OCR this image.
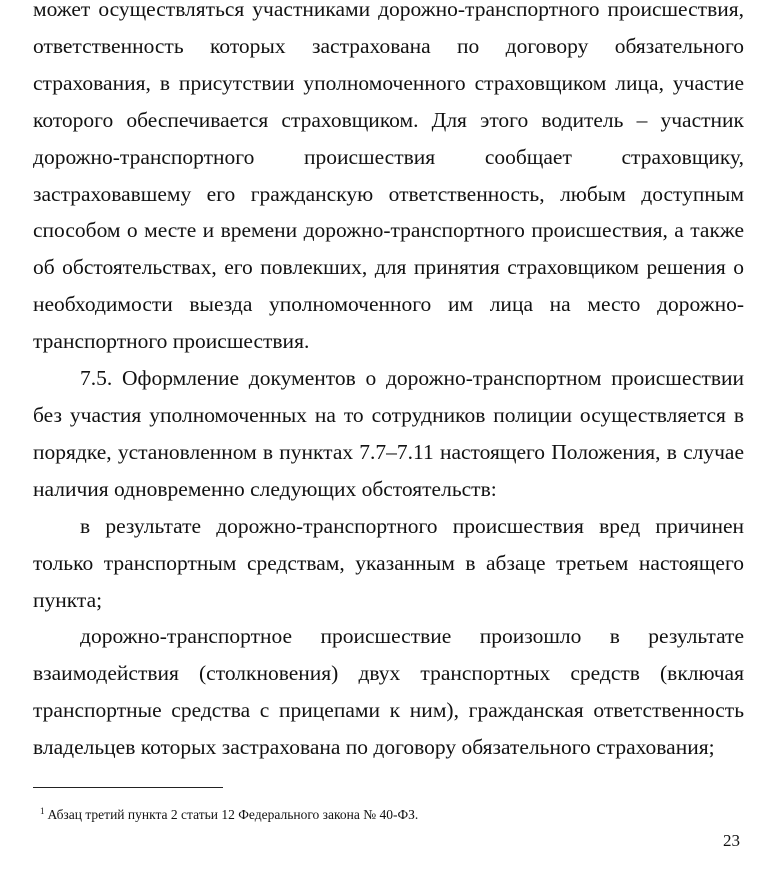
может осуществляться участниками дорожно-транспортного происшествия, ответственность которых застрахована по договору обязательного страхования, в присутствии уполномоченного страховщиком лица, участие которого обеспечивается страховщиком. Для этого водитель – участник дорожно-транспортного происшествия сообщает страховщику, застраховавшему его гражданскую ответственность, любым доступным способом о месте и времени дорожно-транспортного происшествия, а также об обстоятельствах, его повлекших, для принятия страховщиком решения о необходимости выезда уполномоченного им лица на место дорожно-транспортного происшествия.

7.5. Оформление документов о дорожно-транспортном происшествии без участия уполномоченных на то сотрудников полиции осуществляется в порядке, установленном в пунктах 7.7–7.11 настоящего Положения, в случае наличия одновременно следующих обстоятельств:

в результате дорожно-транспортного происшествия вред причинен только транспортным средствам, указанным в абзаце третьем настоящего пункта;

дорожно-транспортное происшествие произошло в результате взаимодействия (столкновения) двух транспортных средств (включая транспортные средства с прицепами к ним), гражданская ответственность владельцев которых застрахована по договору обязательного страхования;

$^1$ Абзац третий пункта 2 статьи 12 Федерального закона № 40-ФЗ.
23
